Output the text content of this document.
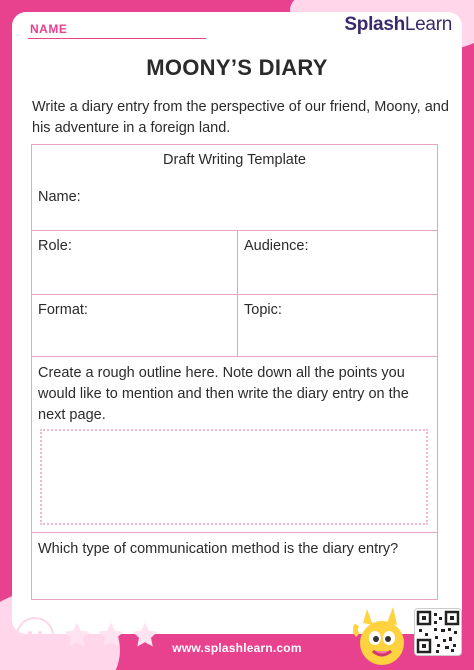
NAME	SplashLearn
MOONY’S DIARY
Write a diary entry from the perspective of our friend, Moony, and his adventure in a foreign land.
Draft Writing Template
Name:
Role:	Audience:
Format:	Topic:
Create a rough outline here. Note down all the points you would like to mention and then write the diary entry on the next page.
Which type of communication method is the diary entry?
www.splashlearn.com
